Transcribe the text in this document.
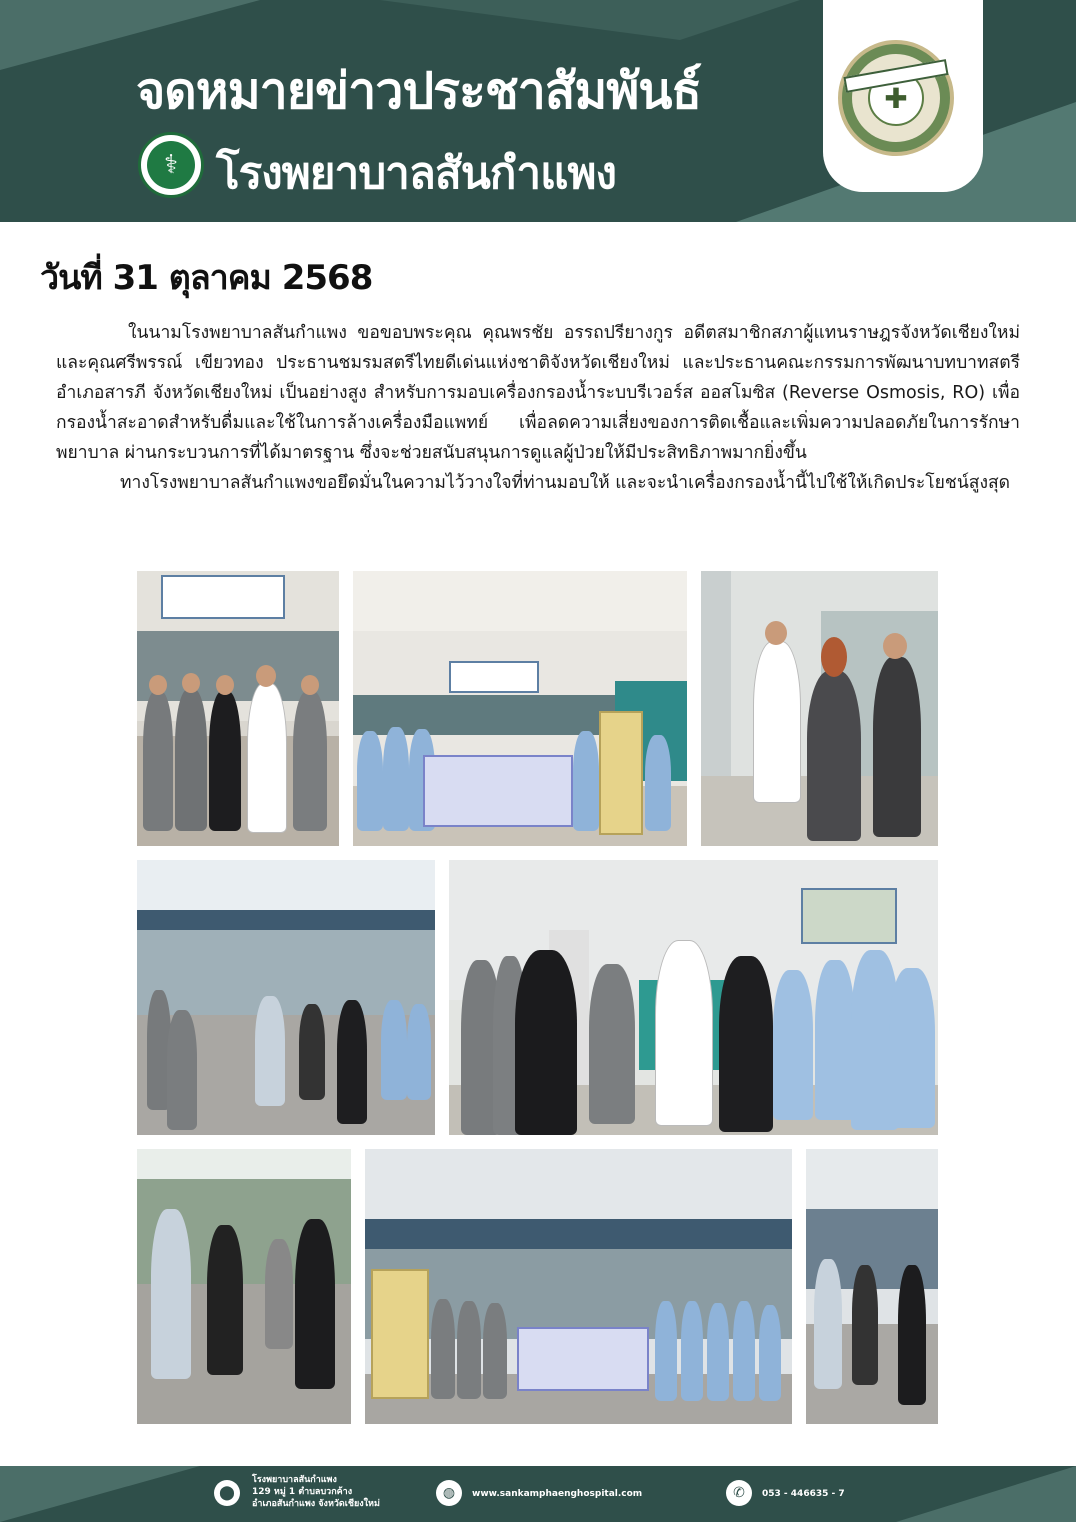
จดหมายข่าวประชาสัมพันธ์
⚕ โรงพยาบาลสันกำแพง
✚
วันที่ 31 ตุลาคม 2568

ในนามโรงพยาบาลสันกำแพง ขอขอบพระคุณ คุณพรชัย อรรถปรียางกูร อดีตสมาชิกสภาผู้แทนราษฎรจังหวัดเชียงใหม่ และคุณศรีพรรณ์ เขียวทอง ประธานชมรมสตรีไทยดีเด่นแห่งชาติจังหวัดเชียงใหม่ และประธานคณะกรรมการพัฒนาบทบาทสตรี อำเภอสารภี จังหวัดเชียงใหม่ เป็นอย่างสูง สำหรับการมอบเครื่องกรองน้ำระบบรีเวอร์ส ออสโมซิส (Reverse Osmosis, RO) เพื่อกรองน้ำสะอาดสำหรับดื่มและใช้ในการล้างเครื่องมือแพทย์ เพื่อลดความเสี่ยงของการติดเชื้อและเพิ่มความปลอดภัยในการรักษาพยาบาล ผ่านกระบวนการที่ได้มาตรฐาน ซึ่งจะช่วยสนับสนุนการดูแลผู้ป่วยให้มีประสิทธิภาพมากยิ่งขึ้น

ทางโรงพยาบาลสันกำแพงขอยึดมั่นในความไว้วางใจที่ท่านมอบให้ และจะนำเครื่องกรองน้ำนี้ไปใช้ให้เกิดประโยชน์สูงสุด

⬤
โรงพยาบาลสันกำแพง
129 หมู่ 1 ตำบลบวกค้าง
อำเภอสันกำแพง จังหวัดเชียงใหม่
◍	www.sankamphaenghospital.com	✆	053 - 446635 - 7
